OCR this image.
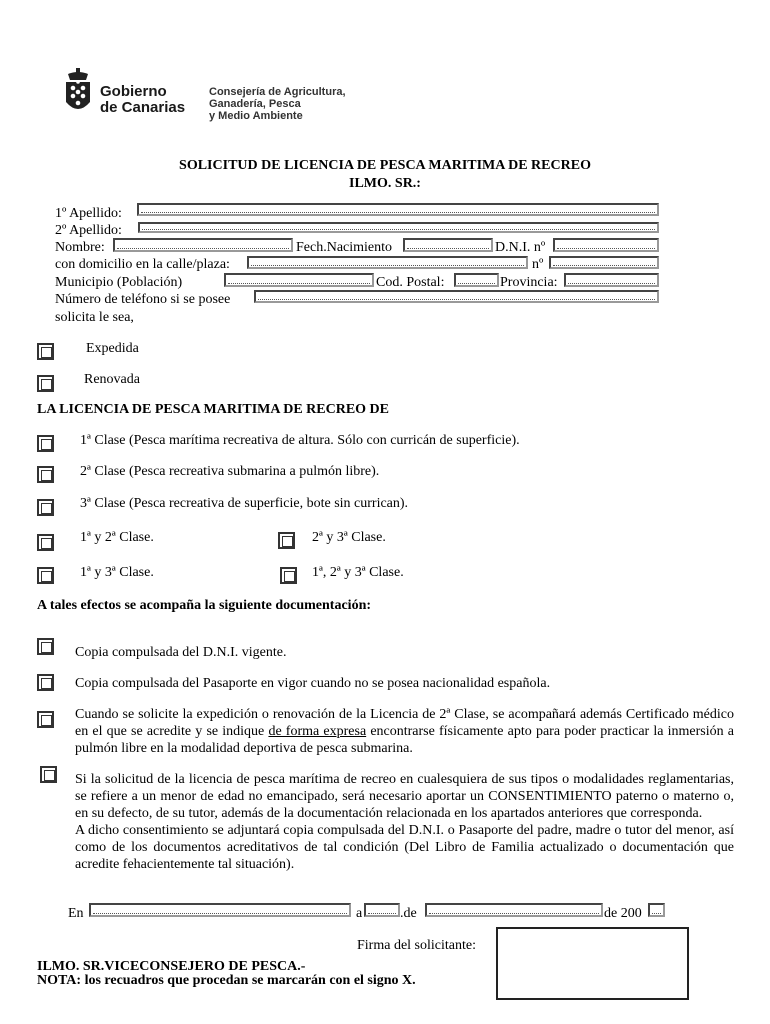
Gobierno
de Canarias
Consejería de Agricultura,
Ganadería, Pesca
y Medio Ambiente
SOLICITUD DE LICENCIA DE PESCA MARITIMA DE RECREO
ILMO. SR.:
1º Apellido:
2º Apellido:
Nombre:	Fech.Nacimiento	D.N.I. nº
con domicilio en la calle/plaza:	nº
Municipio (Población)	Cod. Postal:	Provincia:
Número de teléfono si se posee
solicita le sea,
Expedida
Renovada
LA LICENCIA DE PESCA MARITIMA DE RECREO DE
1ª Clase (Pesca marítima recreativa de altura. Sólo con curricán de superficie).
2ª Clase (Pesca recreativa submarina a pulmón libre).
3ª Clase (Pesca recreativa de superficie, bote sin currican).
1ª y 2ª Clase.	2ª y 3ª Clase.
1ª y 3ª Clase.	1ª, 2ª y 3ª Clase.
A tales efectos se acompaña la siguiente documentación:
Copia compulsada del D.N.I. vigente.
Copia compulsada del Pasaporte en vigor cuando no se posea nacionalidad española.
Cuando se solicite la expedición o renovación de la Licencia de 2ª Clase, se acompañará además Certificado médico en el que se acredite y se indique de forma expresa encontrarse físicamente apto para poder practicar la inmersión a pulmón libre en la modalidad deportiva de pesca submarina.
Si la solicitud de la licencia de pesca marítima de recreo en cualesquiera de sus tipos o modalidades reglamentarias, se refiere a un menor de edad no emancipado, será necesario aportar un CONSENTIMIENTO paterno o materno o, en su defecto, de su tutor, además de la documentación relacionada en los apartados anteriores que corresponda.
A dicho consentimiento se adjuntará copia compulsada del D.N.I. o Pasaporte del padre, madre o tutor del menor, así como de los documentos acreditativos de tal condición (Del Libro de Familia actualizado o documentación que acredite fehacientemente tal situación).
En	a	.de	de 200
Firma del solicitante:
ILMO. SR.VICECONSEJERO DE PESCA.-
NOTA: los recuadros que procedan se marcarán con el signo X.
